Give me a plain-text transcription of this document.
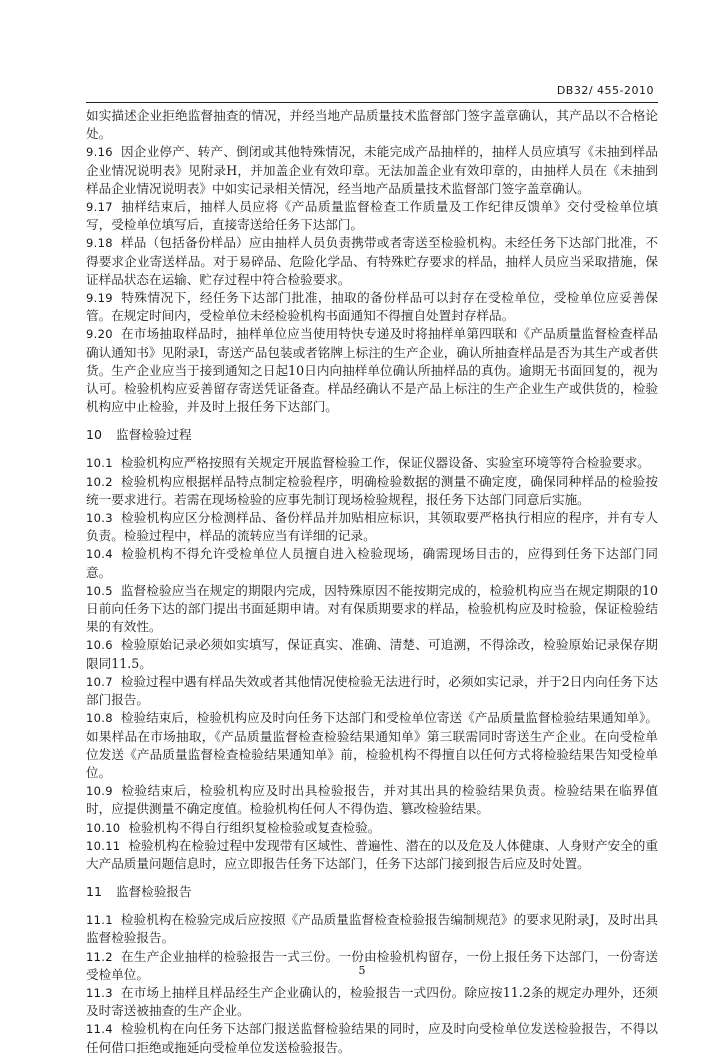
DB32/ 455-2010

如实描述企业拒绝监督抽查的情况，并经当地产品质量技术监督部门签字盖章确认，其产品以不合格论处。

9.16 因企业停产、转产、倒闭或其他特殊情况，未能完成产品抽样的，抽样人员应填写《未抽到样品企业情况说明表》见附录H，并加盖企业有效印章。无法加盖企业有效印章的，由抽样人员在《未抽到样品企业情况说明表》中如实记录相关情况，经当地产品质量技术监督部门签字盖章确认。

9.17 抽样结束后，抽样人员应将《产品质量监督检查工作质量及工作纪律反馈单》交付受检单位填写，受检单位填写后，直接寄送给任务下达部门。

9.18 样品（包括备份样品）应由抽样人员负责携带或者寄送至检验机构。未经任务下达部门批准，不得要求企业寄送样品。对于易碎品、危险化学品、有特殊贮存要求的样品，抽样人员应当采取措施，保证样品状态在运输、贮存过程中符合检验要求。

9.19 特殊情况下，经任务下达部门批准，抽取的备份样品可以封存在受检单位，受检单位应妥善保管。在规定时间内，受检单位未经检验机构书面通知不得擅自处置封存样品。

9.20 在市场抽取样品时，抽样单位应当使用特快专递及时将抽样单第四联和《产品质量监督检查样品确认通知书》见附录I，寄送产品包装或者铭牌上标注的生产企业，确认所抽查样品是否为其生产或者供货。生产企业应当于接到通知之日起10日内向抽样单位确认所抽样品的真伪。逾期无书面回复的，视为认可。检验机构应妥善留存寄送凭证备查。样品经确认不是产品上标注的生产企业生产或供货的，检验机构应中止检验，并及时上报任务下达部门。

10 监督检验过程

10.1 检验机构应严格按照有关规定开展监督检验工作，保证仪器设备、实验室环境等符合检验要求。

10.2 检验机构应根据样品特点制定检验程序，明确检验数据的测量不确定度，确保同种样品的检验按统一要求进行。若需在现场检验的应事先制订现场检验规程，报任务下达部门同意后实施。

10.3 检验机构应区分检测样品、备份样品并加贴相应标识，其领取要严格执行相应的程序，并有专人负责。检验过程中，样品的流转应当有详细的记录。

10.4 检验机构不得允许受检单位人员擅自进入检验现场，确需现场目击的，应得到任务下达部门同意。

10.5 监督检验应当在规定的期限内完成，因特殊原因不能按期完成的，检验机构应当在规定期限的10日前向任务下达的部门提出书面延期申请。对有保质期要求的样品，检验机构应及时检验，保证检验结果的有效性。

10.6 检验原始记录必须如实填写，保证真实、准确、清楚、可追溯，不得涂改，检验原始记录保存期限同11.5。

10.7 检验过程中遇有样品失效或者其他情况使检验无法进行时，必须如实记录，并于2日内向任务下达部门报告。

10.8 检验结束后，检验机构应及时向任务下达部门和受检单位寄送《产品质量监督检验结果通知单》。如果样品在市场抽取，《产品质量监督检查检验结果通知单》第三联需同时寄送生产企业。在向受检单位发送《产品质量监督检查检验结果通知单》前，检验机构不得擅自以任何方式将检验结果告知受检单位。

10.9 检验结束后，检验机构应及时出具检验报告，并对其出具的检验结果负责。检验结果在临界值时，应提供测量不确定度值。检验机构任何人不得伪造、篡改检验结果。

10.10 检验机构不得自行组织复检检验或复查检验。

10.11 检验机构在检验过程中发现带有区域性、普遍性、潜在的以及危及人体健康、人身财产安全的重大产品质量问题信息时，应立即报告任务下达部门，任务下达部门接到报告后应及时处置。

11 监督检验报告

11.1 检验机构在检验完成后应按照《产品质量监督检查检验报告编制规范》的要求见附录J，及时出具监督检验报告。

11.2 在生产企业抽样的检验报告一式三份。一份由检验机构留存，一份上报任务下达部门，一份寄送受检单位。

11.3 在市场上抽样且样品经生产企业确认的，检验报告一式四份。除应按11.2条的规定办理外，还须及时寄送被抽查的生产企业。

11.4 检验机构在向任务下达部门报送监督检验结果的同时，应及时向受检单位发送检验报告，不得以任何借口拒绝或拖延向受检单位发送检验报告。

5
